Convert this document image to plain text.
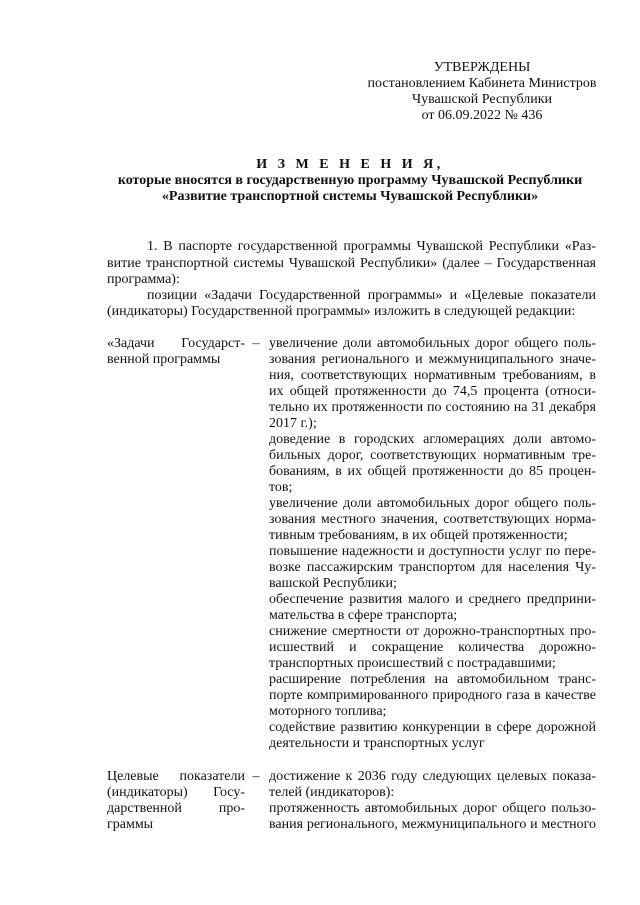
УТВЕРЖДЕНЫ
постановлением Кабинета Министров
Чувашской Республики
от 06.09.2022 № 436
И З М Е Н Е Н И Я,
которые вносятся в государственную программу Чувашской Республики
«Развитие транспортной системы Чувашской Республики»
1. В паспорте государственной программы Чувашской Республики «Раз-
витие транспортной системы Чувашской Республики» (далее – Государственная
программа):
позиции «Задачи Государственной программы» и «Целевые показатели
(индикаторы) Государственной программы» изложить в следующей редакции:
«Задачи Государст-
венной программы
– увеличение доли автомобильных дорог общего пользования регионального и межмуниципального значения, соответствующих нормативным требованиям, в их общей протяженности до 74,5 процента (относительно их протяженности по состоянию на 31 декабря 2017 г.);
доведение в городских агломерациях доли автомобильных дорог, соответствующих нормативным требованиям, в их общей протяженности до 85 процентов;
увеличение доли автомобильных дорог общего пользования местного значения, соответствующих нормативным требованиям, в их общей протяженности;
повышение надежности и доступности услуг по перевозке пассажирским транспортом для населения Чувашской Республики;
обеспечение развития малого и среднего предпринимательства в сфере транспорта;
снижение смертности от дорожно-транспортных происшествий и сокращение количества дорожно-транспортных происшествий с пострадавшими;
расширение потребления на автомобильном транспорте компримированного природного газа в качестве моторного топлива;
содействие развитию конкуренции в сфере дорожной деятельности и транспортных услуг
Целевые показатели
(индикаторы) Госу-
дарственной про-
граммы
– достижение к 2036 году следующих целевых показателей (индикаторов):
протяженность автомобильных дорог общего пользования регионального, межмуниципального и местного
